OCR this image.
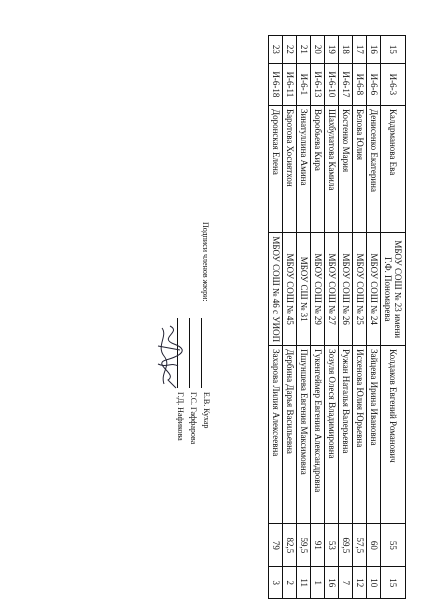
15	И-6-3	Калдрманова Ева	МБОУ СОШ № 23 имени Г.Ф. Пономарева	Колдаков Евгений Романович	55	15
16	И-6-6	Денисенко Екатерина	МБОУ СОШ № 24	Зайцева Ирина Ивановна	60	10
17	И-6-8	Белова Юлия	МБОУ СОШ № 25	Исхенова Юлия Юрьевна	57,5	12
18	И-6-17	Костенко Мария	МБОУ СОШ № 26	Ружан Наталья Валерьевна	69,5	7
19	И-6-10	Шахбулатова Камила	МБОУ СОШ № 27	Зозуля Олеся Владимировна	53	16
20	И-6-13	Воробьева Кира	МБОУ СОШ № 29	Гукенгеймер Евгения Александровна	91	1
21	И-6-1	Зинатуллина Амина	МБОУ СШ № 31	Пшуншева Евгения Максимовна	59,5	11
22	И-6-11	Баротова Хосиятхон	МБОУ СОШ № 45	Дербина Дарья Васильевна	82,5	2
23	И-6-18	Доронская Елена	МБОУ СОШ № 46 с УИОП	Захарова Лилия Алексеевна	79	3
Подписи членов жюри:
Е.В. Кухар
Г.С. Гаффарова
Г.Д. Нафикова
